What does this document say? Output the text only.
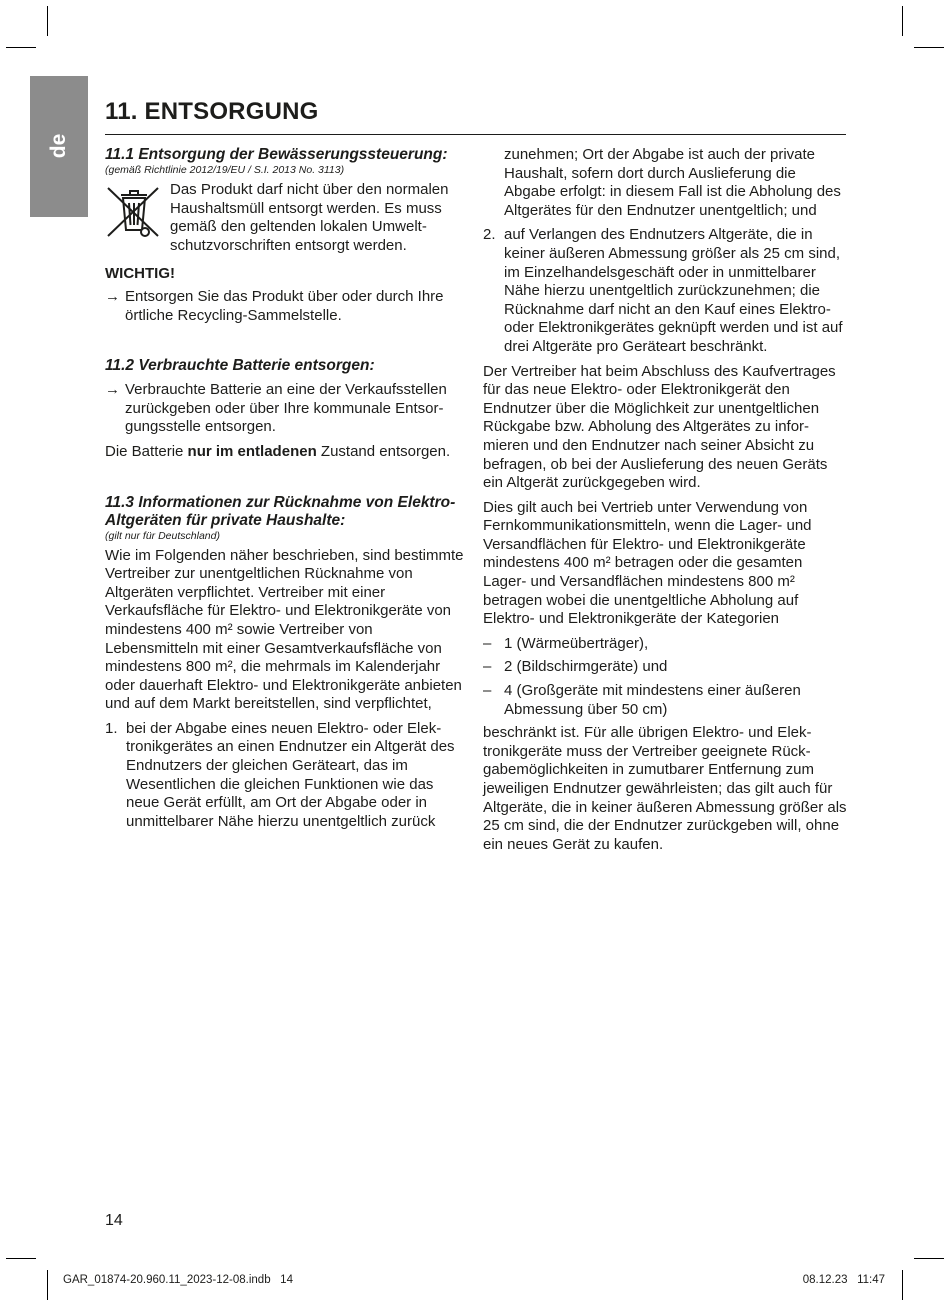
de
11. ENTSORGUNG
11.1 Entsorgung der Bewässerungssteuerung:

(gemäß Richtlinie 2012/19/EU / S.I. 2013 No. 3113)

Das Produkt darf nicht über den normalen Haushaltsmüll entsorgt werden. Es muss gemäß den geltenden lokalen Umweltschutzvorschriften entsorgt werden.

WICHTIG!

→ Entsorgen Sie das Produkt über oder durch Ihre örtliche Recycling-Sammelstelle.
11.2 Verbrauchte Batterie entsorgen:
→ Verbrauchte Batterie an eine der Verkaufsstellen zurückgeben oder über Ihre kommunale Entsorgungsstelle entsorgen.

Die Batterie nur im entladenen Zustand entsorgen.

11.3 Informationen zur Rücknahme von Elektro-Altgeräten für private Haushalte:

(gilt nur für Deutschland)

Wie im Folgenden näher beschrieben, sind bestimmte Vertreiber zur unentgeltlichen Rücknahme von Altgeräten verpflichtet. Vertreiber mit einer Verkaufsfläche für Elektro- und Elektronikgeräte von mindestens 400 m² sowie Vertreiber von Lebensmitteln mit einer Gesamtverkaufsfläche von mindestens 800 m², die mehrmals im Kalenderjahr oder dauerhaft Elektro- und Elektronikgeräte anbieten und auf dem Markt bereitstellen, sind verpflichtet,

1. bei der Abgabe eines neuen Elektro- oder Elektronikgerätes an einen Endnutzer ein Altgerät des Endnutzers der gleichen Geräteart, das im Wesentlichen die gleichen Funktionen wie das neue Gerät erfüllt, am Ort der Abgabe oder in unmittelbarer Nähe hierzu unentgeltlich zurück
zunehmen; Ort der Abgabe ist auch der private Haushalt, sofern dort durch Auslieferung die Abgabe erfolgt: in diesem Fall ist die Abholung des Altgerätes für den Endnutzer unentgeltlich; und
2. auf Verlangen des Endnutzers Altgeräte, die in keiner äußeren Abmessung größer als 25 cm sind, im Einzelhandelsgeschäft oder in unmittelbarer Nähe hierzu unentgeltlich zurückzunehmen; die Rücknahme darf nicht an den Kauf eines Elektro- oder Elektronikgerätes geknüpft werden und ist auf drei Altgeräte pro Geräteart beschränkt.

Der Vertreiber hat beim Abschluss des Kaufvertrages für das neue Elektro- oder Elektronikgerät den Endnutzer über die Möglichkeit zur unentgeltlichen Rückgabe bzw. Abholung des Altgerätes zu informieren und den Endnutzer nach seiner Absicht zu befragen, ob bei der Auslieferung des neuen Geräts ein Altgerät zurückgegeben wird.

Dies gilt auch bei Vertrieb unter Verwendung von Fernkommunikationsmitteln, wenn die Lager- und Versandflächen für Elektro- und Elektronikgeräte mindestens 400 m² betragen oder die gesamten Lager- und Versandflächen mindestens 800 m² betragen wobei die unentgeltliche Abholung auf Elektro- und Elektronikgeräte der Kategorien

– 1 (Wärmeüberträger),
– 2 (Bildschirmgeräte) und
– 4 (Großgeräte mit mindestens einer äußeren Abmessung über 50 cm)

beschränkt ist. Für alle übrigen Elektro- und Elektronikgeräte muss der Vertreiber geeignete Rückgabemöglichkeiten in zumutbarer Entfernung zum jeweiligen Endnutzer gewährleisten; das gilt auch für Altgeräte, die in keiner äußeren Abmessung größer als 25 cm sind, die der Endnutzer zurückgeben will, ohne ein neues Gerät zu kaufen.

14
GAR_01874-20.960.11_2023-12-08.indb   14	08.12.23   11:47
